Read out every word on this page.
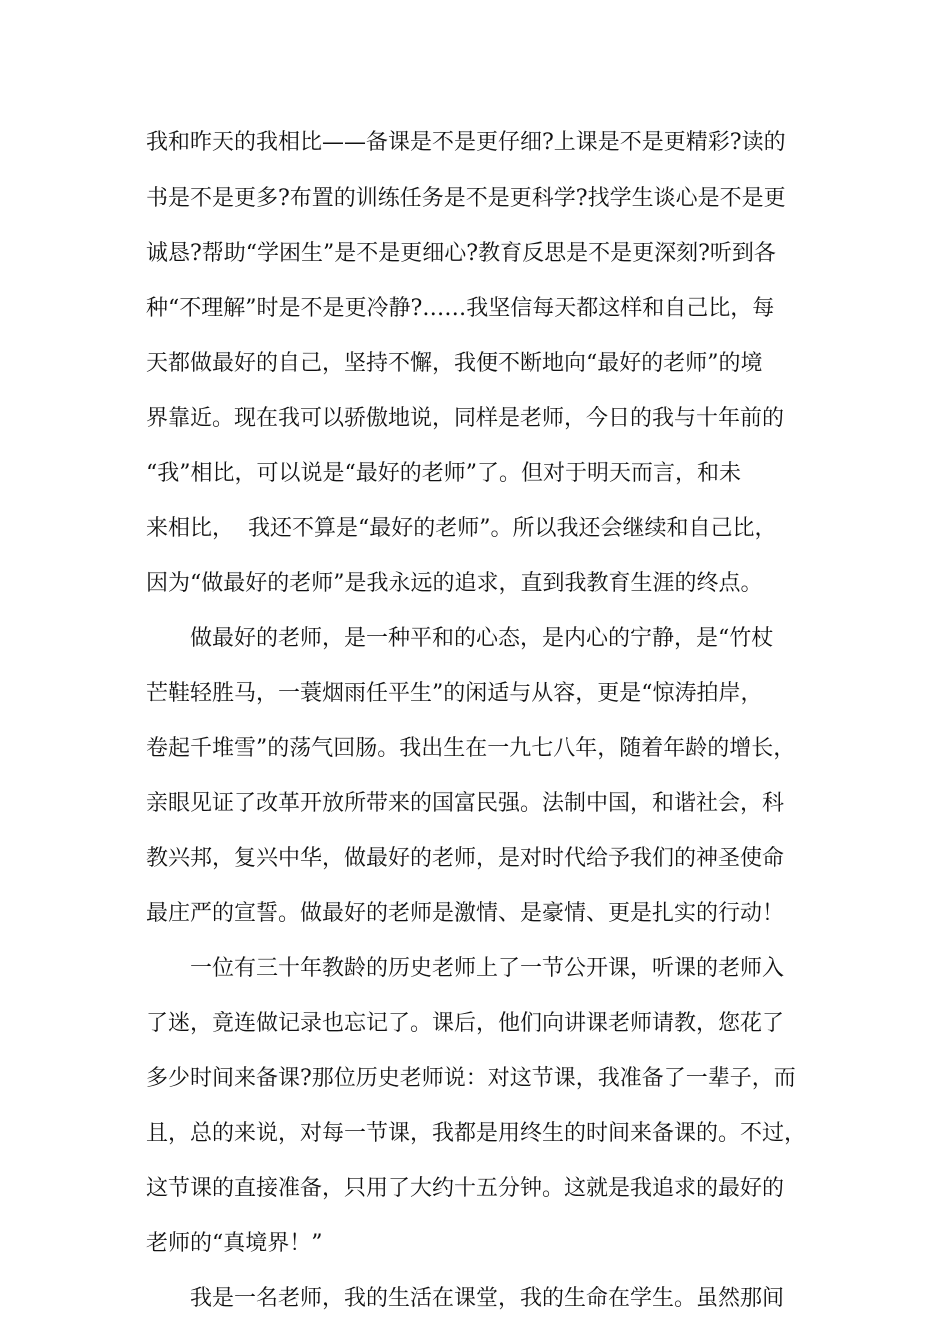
我和昨天的我相比——备课是不是更仔细?上课是不是更精彩?读的
书是不是更多?布置的训练任务是不是更科学?找学生谈心是不是更
诚恳?帮助“学困生”是不是更细心?教育反思是不是更深刻?听到各
种“不理解”时是不是更冷静?……我坚信每天都这样和自己比，每
天都做最好的自己，坚持不懈，我便不断地向“最好的老师”的境
界靠近。现在我可以骄傲地说，同样是老师，今日的我与十年前的
“我”相比，可以说是“最好的老师”了。但对于明天而言，和未
来相比，  我还不算是“最好的老师”。所以我还会继续和自己比，
因为“做最好的老师”是我永远的追求，直到我教育生涯的终点。
做最好的老师，是一种平和的心态，是内心的宁静，是“竹杖
芒鞋轻胜马，一蓑烟雨任平生”的闲适与从容，更是“惊涛拍岸，
卷起千堆雪”的荡气回肠。我出生在一九七八年，随着年龄的增长，
亲眼见证了改革开放所带来的国富民强。法制中国，和谐社会，科
教兴邦，复兴中华，做最好的老师，是对时代给予我们的神圣使命
最庄严的宣誓。做最好的老师是激情、是豪情、更是扎实的行动！
一位有三十年教龄的历史老师上了一节公开课，听课的老师入
了迷，竟连做记录也忘记了。课后，他们向讲课老师请教，您花了
多少时间来备课?那位历史老师说：对这节课，我准备了一辈子，而
且，总的来说，对每一节课，我都是用终生的时间来备课的。不过，
这节课的直接准备，只用了大约十五分钟。这就是我追求的最好的
老师的“真境界！”
我是一名老师，我的生活在课堂，我的生命在学生。虽然那间
